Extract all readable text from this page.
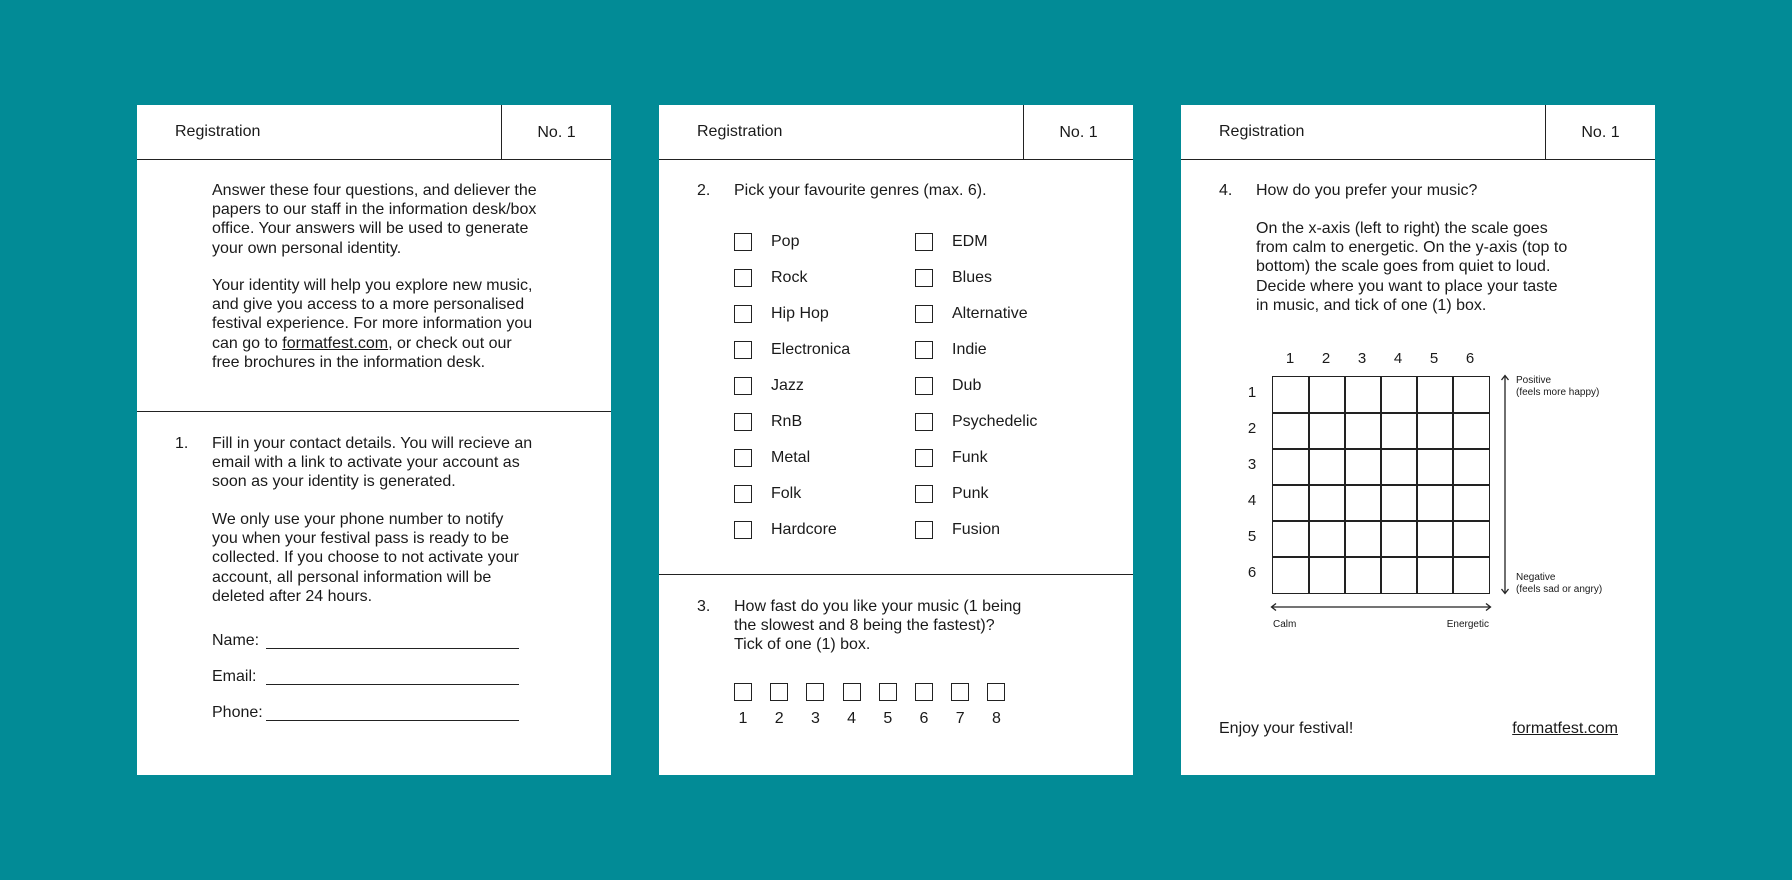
Registration	No. 1
Answer these four questions, and deliever the
papers to our staff in the information desk/box
office. Your answers will be used to generate
your own personal identity.
Your identity will help you explore new music,
and give you access to a more personalised
festival experience. For more information you
can go to formatfest.com, or check out our
free brochures in the information desk.
1. Fill in your contact details. You will recieve an
email with a link to activate your account as
soon as your identity is generated.
We only use your phone number to notify
you when your festival pass is ready to be
collected. If you choose to not activate your
account, all personal information will be
deleted after 24 hours.
Name:
Email:
Phone:
Registration	No. 1
2. Pick your favourite genres (max. 6).
Pop
Rock
Hip Hop
Electronica
Jazz
RnB
Metal
Folk
Hardcore
EDM
Blues
Alternative
Indie
Dub
Psychedelic
Funk
Punk
Fusion
3. How fast do you like your music (1 being
the slowest and 8 being the fastest)?
Tick of one (1) box.
1	2	3	4	5	6	7	8
Registration	No. 1
4. How do you prefer your music?
On the x-axis (left to right) the scale goes
from calm to energetic. On the y-axis (top to
bottom) the scale goes from quiet to loud.
Decide where you want to place your taste
in music, and tick of one (1) box.
1	2	3	4	5	6
1
2
3
4
5
6
Positive
(feels more happy)
Negative
(feels sad or angry)
Calm	Energetic
Enjoy your festival!	formatfest.com
